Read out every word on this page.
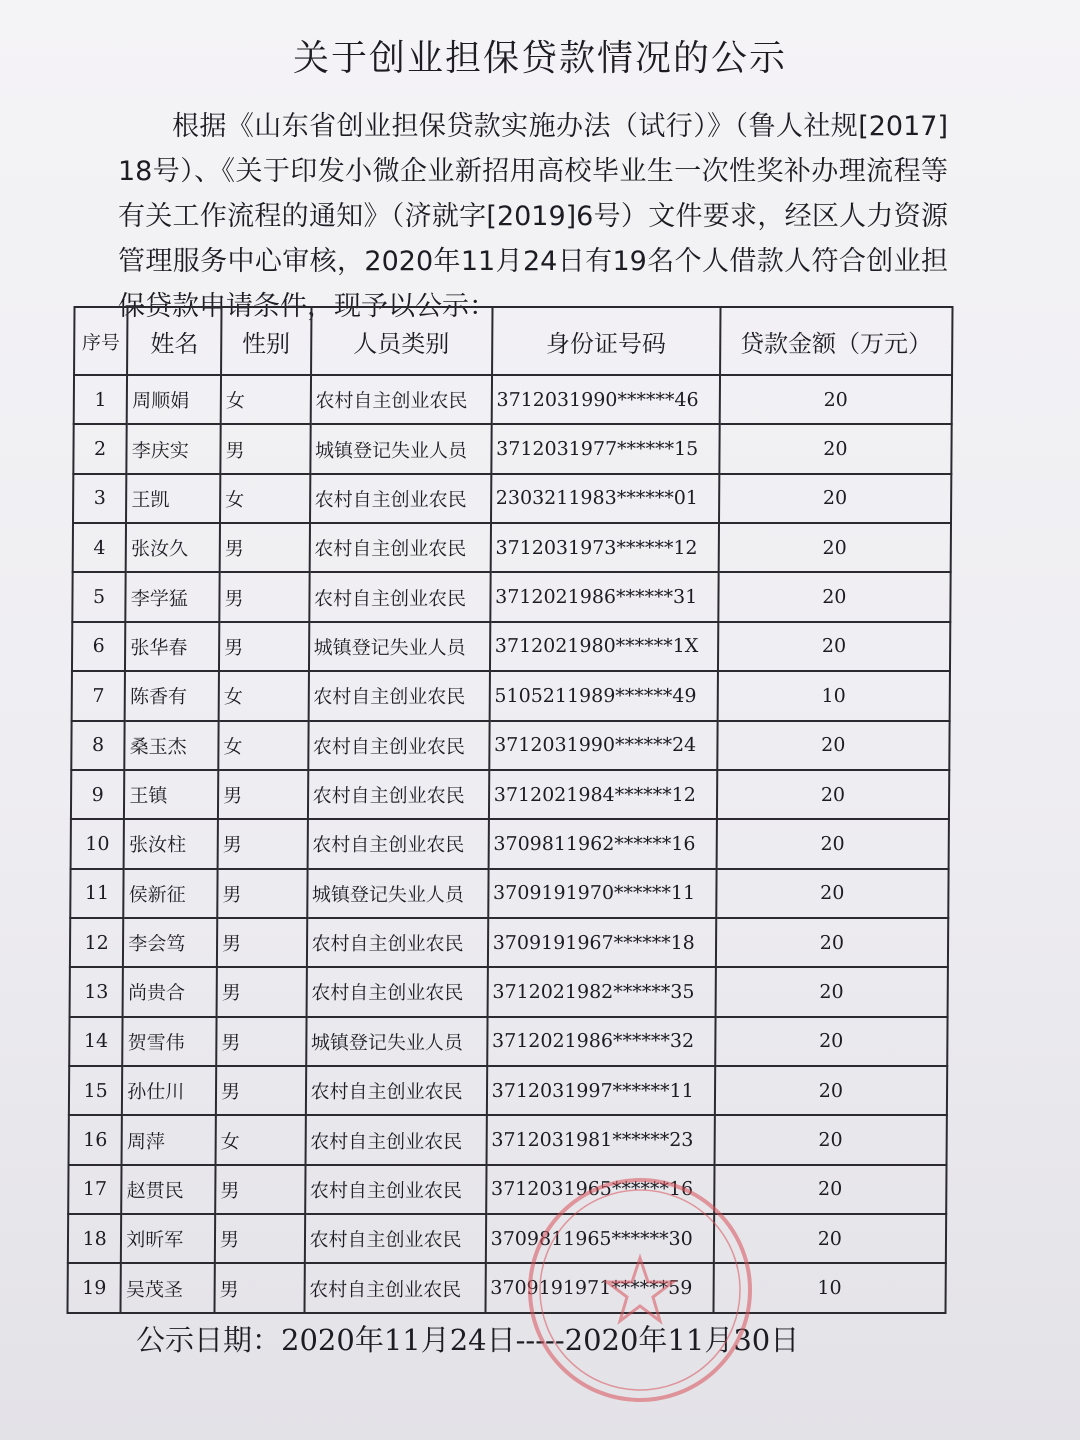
关于创业担保贷款情况的公示
根据《山东省创业担保贷款实施办法（试行）》（鲁人社规[2017]18号）、《关于印发小微企业新招用高校毕业生一次性奖补办理流程等有关工作流程的通知》（济就字[2019]6号）文件要求，经区人力资源管理服务中心审核，2020年11月24日有19名个人借款人符合创业担保贷款申请条件，现予以公示：
序号	姓名	性别	人员类别	身份证号码	贷款金额（万元）
1	周顺娟	女	农村自主创业农民	3712031990******46	20
2	李庆实	男	城镇登记失业人员	3712031977******15	20
3	王凯	女	农村自主创业农民	2303211983******01	20
4	张汝久	男	农村自主创业农民	3712031973******12	20
5	李学猛	男	农村自主创业农民	3712021986******31	20
6	张华春	男	城镇登记失业人员	3712021980******1X	20
7	陈香有	女	农村自主创业农民	5105211989******49	10
8	桑玉杰	女	农村自主创业农民	3712031990******24	20
9	王镇	男	农村自主创业农民	3712021984******12	20
10	张汝柱	男	农村自主创业农民	3709811962******16	20
11	侯新征	男	城镇登记失业人员	3709191970******11	20
12	李会笃	男	农村自主创业农民	3709191967******18	20
13	尚贵合	男	农村自主创业农民	3712021982******35	20
14	贺雪伟	男	城镇登记失业人员	3712021986******32	20
15	孙仕川	男	农村自主创业农民	3712031997******11	20
16	周萍	女	农村自主创业农民	3712031981******23	20
17	赵贯民	男	农村自主创业农民	3712031965******16	20
18	刘昕军	男	农村自主创业农民	3709811965******30	20
19	吴茂圣	男	农村自主创业农民	3709191971******59	10
公示日期：2020年11月24日-----2020年11月30日
